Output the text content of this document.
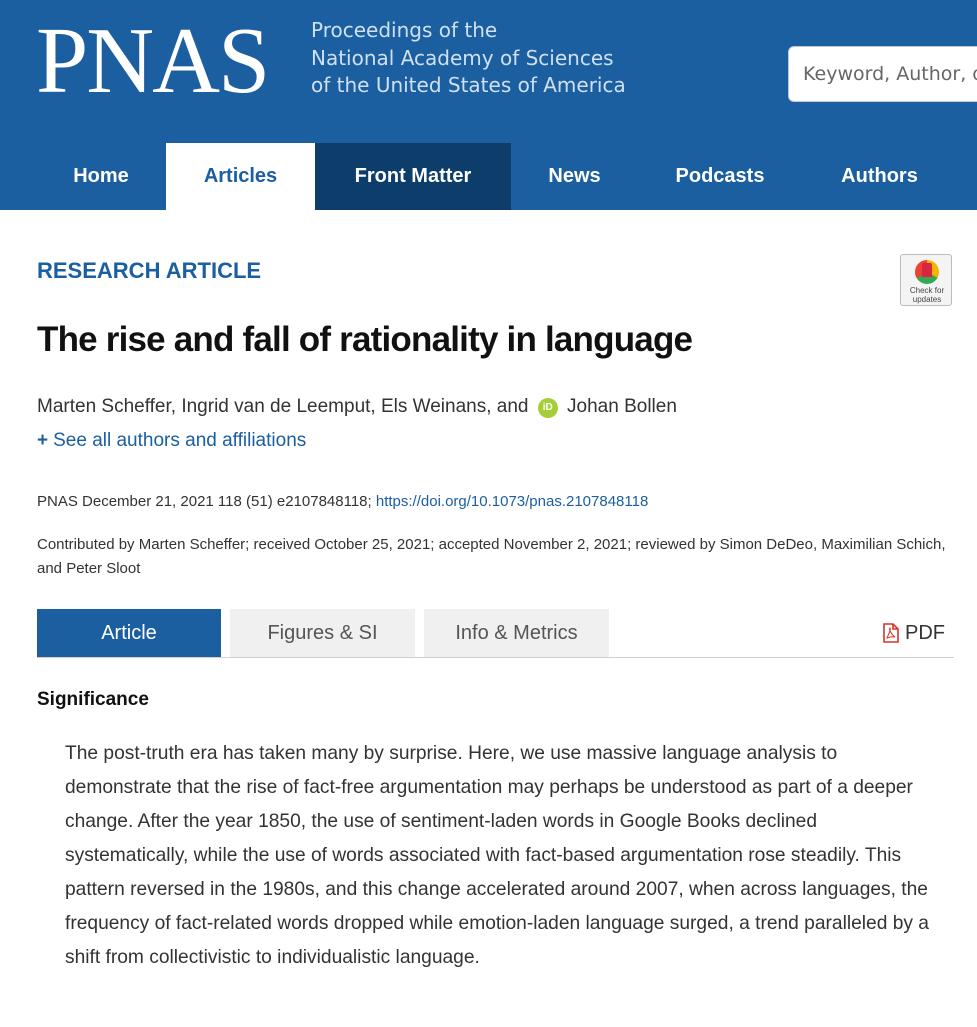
PNAS Proceedings of the
National Academy of Sciences
of the United States of America
Keyword, Author, or DOI
Home	Articles	Front Matter	News	Podcasts	Authors
RESEARCH ARTICLE
Check for
updates
The rise and fall of rationality in language
Marten Scheffer, Ingrid van de Leemput, Els Weinans, and iD Johan Bollen
+ See all authors and affiliations
PNAS December 21, 2021 118 (51) e2107848118; https://doi.org/10.1073/pnas.2107848118
Contributed by Marten Scheffer; received October 25, 2021; accepted November 2, 2021; reviewed by Simon DeDeo, Maximilian Schich, and Peter Sloot
Article	Figures & SI	Info & Metrics	PDF
Significance

The post-truth era has taken many by surprise. Here, we use massive language analysis to demonstrate that the rise of fact-free argumentation may perhaps be understood as part of a deeper change. After the year 1850, the use of sentiment-laden words in Google Books declined systematically, while the use of words associated with fact-based argumentation rose steadily. This pattern reversed in the 1980s, and this change accelerated around 2007, when across languages, the frequency of fact-related words dropped while emotion-laden language surged, a trend paralleled by a shift from collectivistic to individualistic language.
